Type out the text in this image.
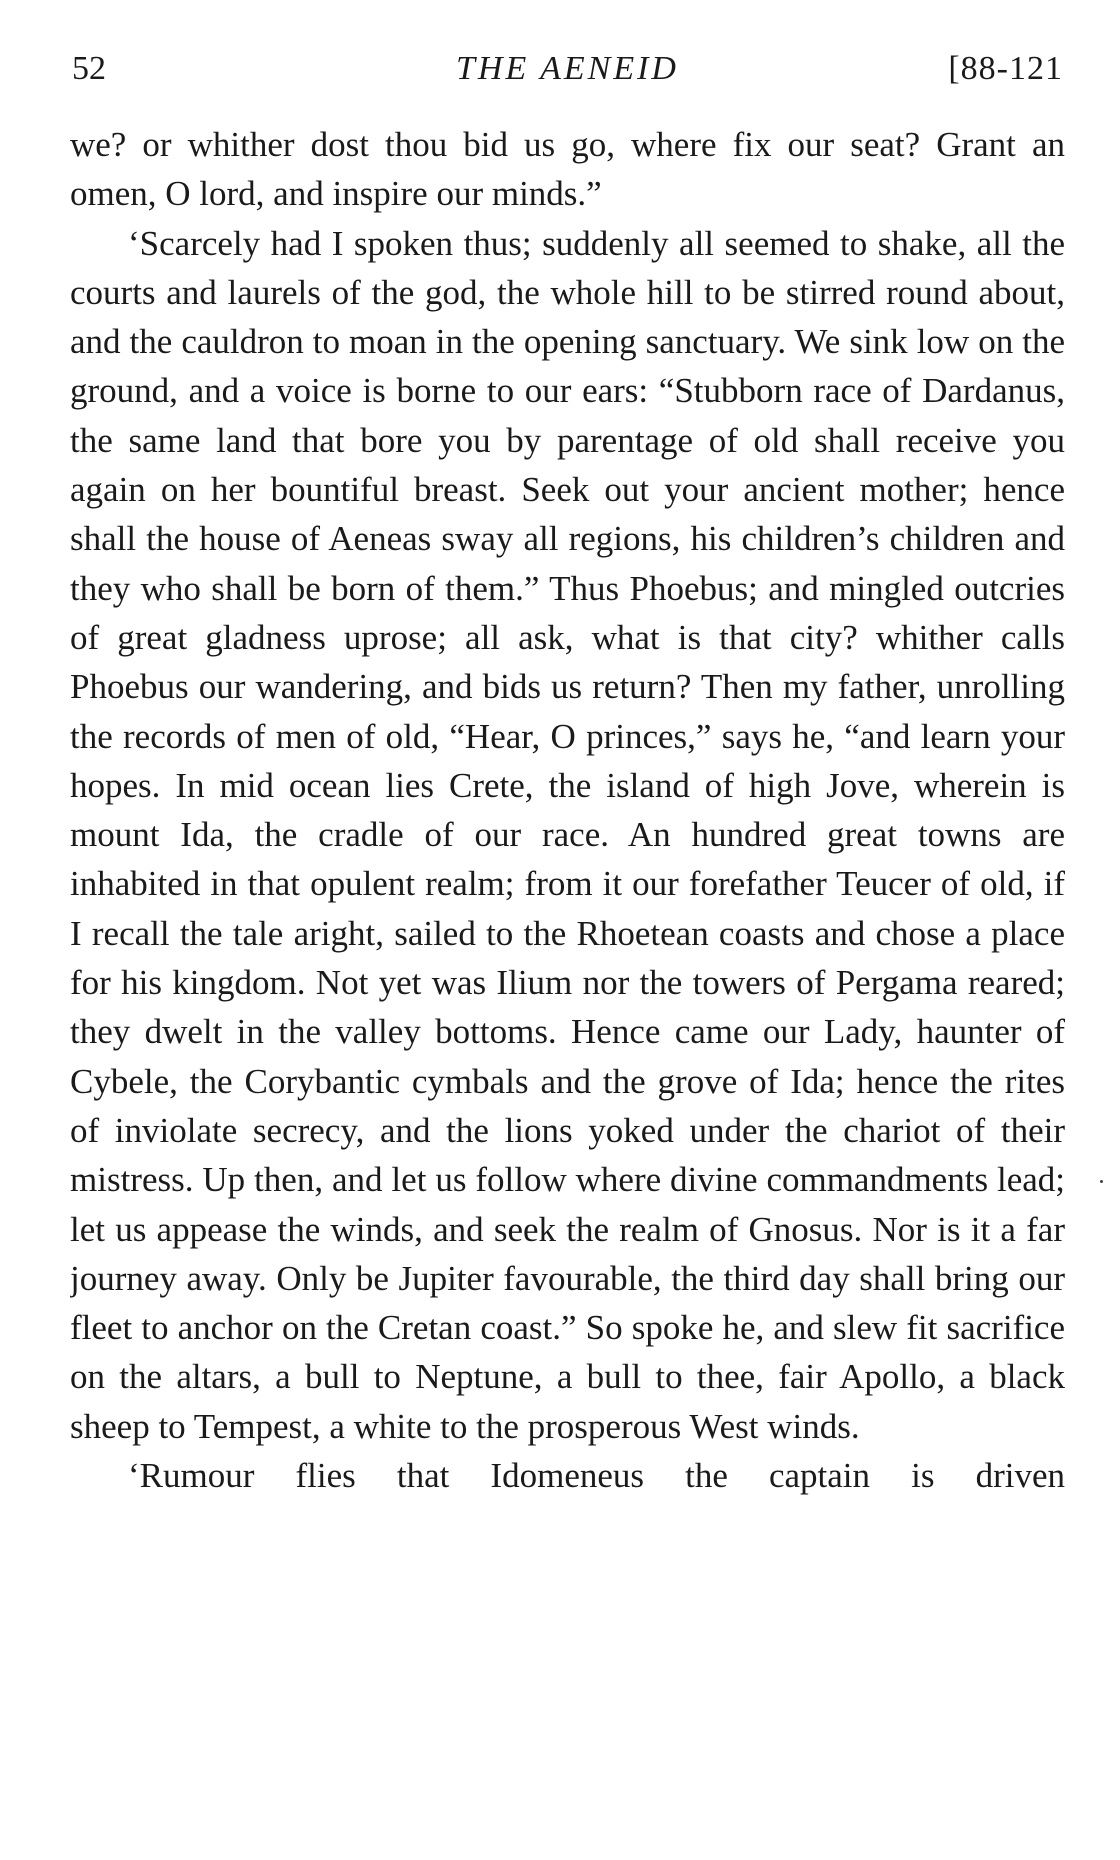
52	THE AENEID	[88-121

we? or whither dost thou bid us go, where fix our seat? Grant an omen, O lord, and inspire our minds.”

‘Scarcely had I spoken thus; suddenly all seemed to shake, all the courts and laurels of the god, the whole hill to be stirred round about, and the cauldron to moan in the opening sanctuary. We sink low on the ground, and a voice is borne to our ears: “Stubborn race of Dardanus, the same land that bore you by parentage of old shall receive you again on her bountiful breast. Seek out your ancient mother; hence shall the house of Aeneas sway all regions, his children’s children and they who shall be born of them.” Thus Phoebus; and mingled outcries of great gladness uprose; all ask, what is that city? whither calls Phoebus our wandering, and bids us return? Then my father, unrolling the records of men of old, “Hear, O princes,” says he, “and learn your hopes. In mid ocean lies Crete, the island of high Jove, wherein is mount Ida, the cradle of our race. An hundred great towns are inhabited in that opulent realm; from it our forefather Teucer of old, if I recall the tale aright, sailed to the Rhoetean coasts and chose a place for his kingdom. Not yet was Ilium nor the towers of Pergama reared; they dwelt in the valley bottoms. Hence came our Lady, haunter of Cybele, the Corybantic cymbals and the grove of Ida; hence the rites of inviolate secrecy, and the lions yoked under the chariot of their mistress. Up then, and let us follow where divine commandments lead; let us appease the winds, and seek the realm of Gnosus. Nor is it a far journey away. Only be Jupiter favourable, the third day shall bring our fleet to anchor on the Cretan coast.” So spoke he, and slew fit sacrifice on the altars, a bull to Neptune, a bull to thee, fair Apollo, a black sheep to Tempest, a white to the prosperous West winds.

‘Rumour flies that Idomeneus the captain is driven
